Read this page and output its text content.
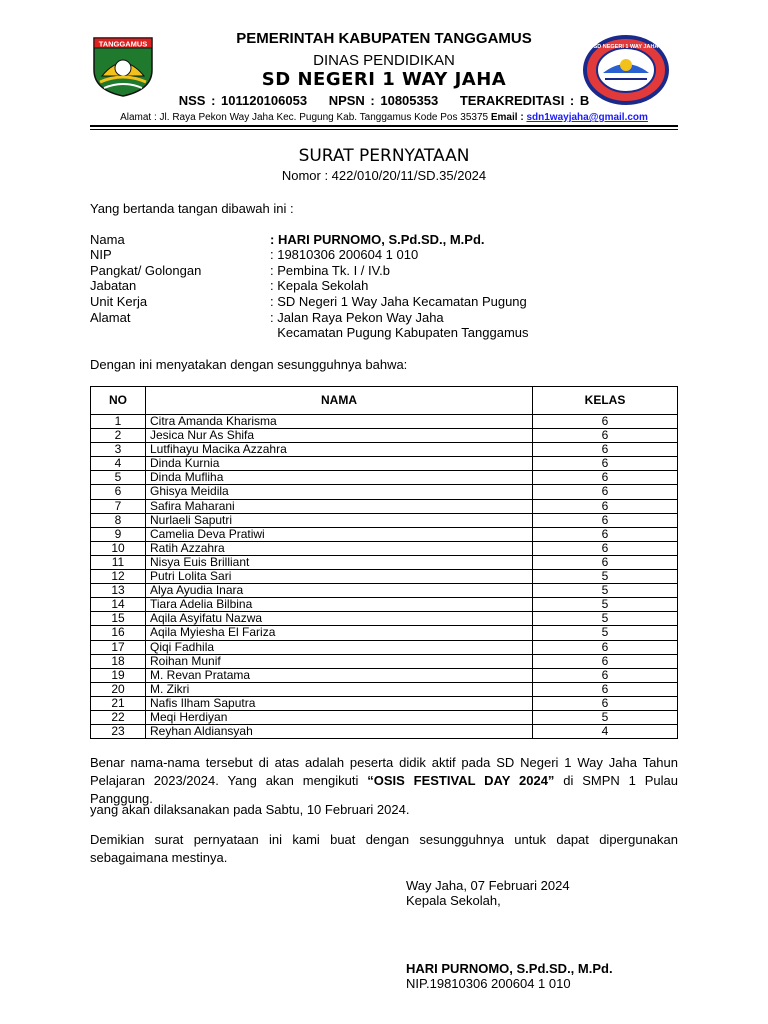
TANGGAMUS	SD NEGERI 1 WAY JAHA
PEMERINTAH KABUPATEN TANGGAMUS
DINAS PENDIDIKAN
SD NEGERI 1 WAY JAHA
NSS : 101120106053 NPSN : 10805353 TERAKREDITASI : B
Alamat : Jl. Raya Pekon Way Jaha Kec. Pugung Kab. Tanggamus Kode Pos 35375 Email : sdn1wayjaha@gmail.com
SURAT PERNYATAAN
Nomor : 422/010/20/11/SD.35/2024
Yang bertanda tangan dibawah ini :
Nama	: HARI PURNOMO, S.Pd.SD., M.Pd.
NIP	: 19810306 200604 1 010
Pangkat/ Golongan	: Pembina Tk. I / IV.b
Jabatan	: Kepala Sekolah
Unit Kerja	: SD Negeri 1 Way Jaha Kecamatan Pugung
Alamat	: Jalan Raya Pekon Way Jaha
Kecamatan Pugung Kabupaten Tanggamus
Dengan ini menyatakan dengan sesungguhnya bahwa:
NO	NAMA	KELAS
1	Citra Amanda Kharisma	6
2	Jesica Nur As Shifa	6
3	Lutfihayu Macika Azzahra	6
4	Dinda Kurnia	6
5	Dinda Mufliha	6
6	Ghisya Meidila	6
7	Safira Maharani	6
8	Nurlaeli Saputri	6
9	Camelia Deva Pratiwi	6
10	Ratih Azzahra	6
11	Nisya Euis Brilliant	6
12	Putri Lolita Sari	5
13	Alya Ayudia Inara	5
14	Tiara Adelia Bilbina	5
15	Aqila Asyifatu Nazwa	5
16	Aqila Myiesha El Fariza	5
17	Qiqi Fadhila	6
18	Roihan Munif	6
19	M. Revan Pratama	6
20	M. Zikri	6
21	Nafis Ilham Saputra	6
22	Meqi Herdiyan	5
23	Reyhan Aldiansyah	4
Benar nama-nama tersebut di atas adalah peserta didik aktif pada SD Negeri 1 Way Jaha Tahun Pelajaran 2023/2024. Yang akan mengikuti “OSIS FESTIVAL DAY 2024” di SMPN 1 Pulau Panggung.
yang akan dilaksanakan pada Sabtu, 10 Februari 2024.
Demikian surat pernyataan ini kami buat dengan sesungguhnya untuk dapat dipergunakan sebagaimana mestinya.
Way Jaha, 07 Februari 2024
Kepala Sekolah,
HARI PURNOMO, S.Pd.SD., M.Pd.
NIP.19810306 200604 1 010
